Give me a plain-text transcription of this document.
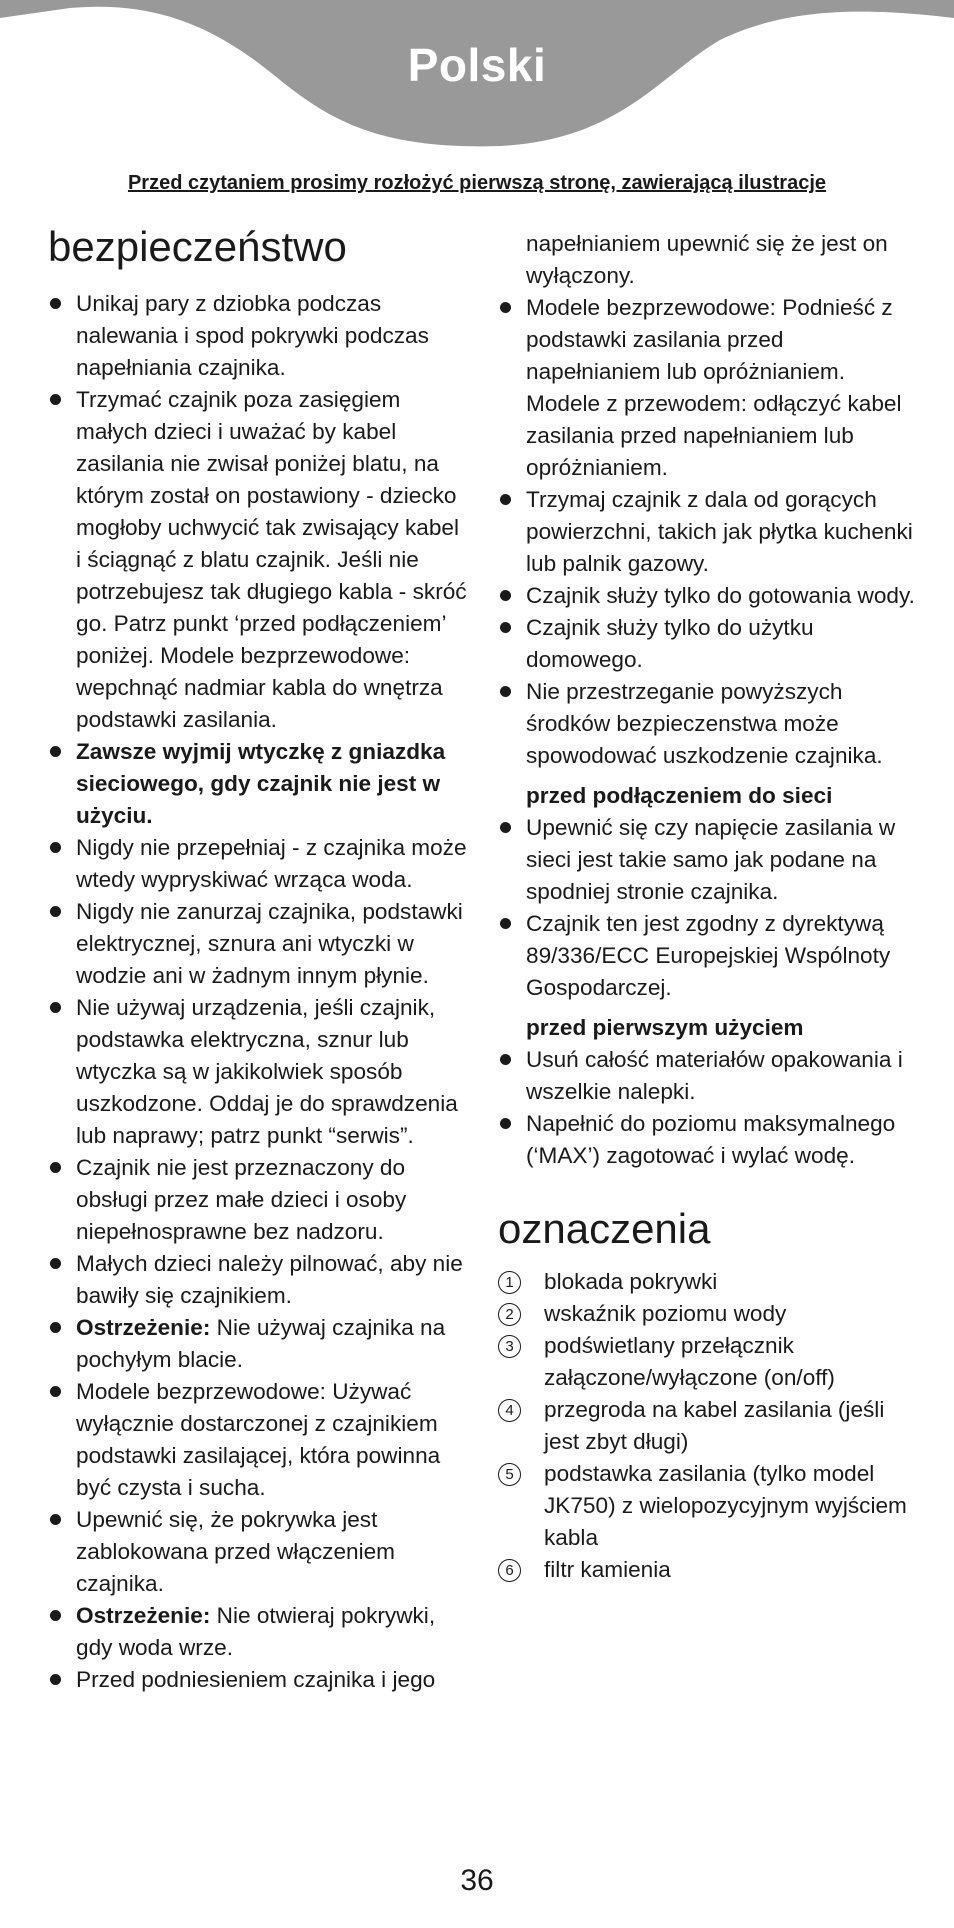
Polski
Przed czytaniem prosimy rozłożyć pierwszą stronę, zawierającą ilustracje
bezpieczeństwo
Unikaj pary z dziobka podczas nalewania i spod pokrywki podczas napełniania czajnika.
Trzymać czajnik poza zasięgiem małych dzieci i uważać by kabel zasilania nie zwisał poniżej blatu, na którym został on postawiony - dziecko mogłoby uchwycić tak zwisający kabel i ściągnąć z blatu czajnik. Jeśli nie potrzebujesz tak długiego kabla - skróć go. Patrz punkt ‘przed podłączeniem’ poniżej. Modele bezprzewodowe: wepchnąć nadmiar kabla do wnętrza podstawki zasilania.
Zawsze wyjmij wtyczkę z gniazdka sieciowego, gdy czajnik nie jest w użyciu.
Nigdy nie przepełniaj - z czajnika może wtedy wypryskiwać wrząca woda.
Nigdy nie zanurzaj czajnika, podstawki elektrycznej, sznura ani wtyczki w wodzie ani w żadnym innym płynie.
Nie używaj urządzenia, jeśli czajnik, podstawka elektryczna, sznur lub wtyczka są w jakikolwiek sposób uszkodzone. Oddaj je do sprawdzenia lub naprawy; patrz punkt “serwis”.
Czajnik nie jest przeznaczony do obsługi przez małe dzieci i osoby niepełnosprawne bez nadzoru.
Małych dzieci należy pilnować, aby nie bawiły się czajnikiem.
Ostrzeżenie: Nie używaj czajnika na pochyłym blacie.
Modele bezprzewodowe: Używać wyłącznie dostarczonej z czajnikiem podstawki zasilającej, która powinna być czysta i sucha.
Upewnić się, że pokrywka jest zablokowana przed włączeniem czajnika.
Ostrzeżenie: Nie otwieraj pokrywki, gdy woda wrze.
Przed podniesieniem czajnika i jego
napełnianiem upewnić się że jest on wyłączony.
Modele bezprzewodowe: Podnieść z podstawki zasilania przed napełnianiem lub opróżnianiem. Modele z przewodem: odłączyć kabel zasilania przed napełnianiem lub opróżnianiem.
Trzymaj czajnik z dala od gorących powierzchni, takich jak płytka kuchenki lub palnik gazowy.
Czajnik służy tylko do gotowania wody.
Czajnik służy tylko do użytku domowego.
Nie przestrzeganie powyższych środków bezpieczenstwa może spowodować uszkodzenie czajnika.
przed podłączeniem do sieci
Upewnić się czy napięcie zasilania w sieci jest takie samo jak podane na spodniej stronie czajnika.
Czajnik ten jest zgodny z dyrektywą 89/336/ECC Europejskiej Wspólnoty Gospodarczej.
przed pierwszym użyciem
Usuń całość materiałów opakowania i wszelkie nalepki.
Napełnić do poziomu maksymalnego (‘MAX’) zagotować i wylać wodę.
oznaczenia
1	blokada pokrywki
2	wskaźnik poziomu wody
3	podświetlany przełącznik załączone/wyłączone (on/off)
4	przegroda na kabel zasilania (jeśli jest zbyt długi)
5	podstawka zasilania (tylko model JK750) z wielopozycyjnym wyjściem kabla
6	filtr kamienia
36
